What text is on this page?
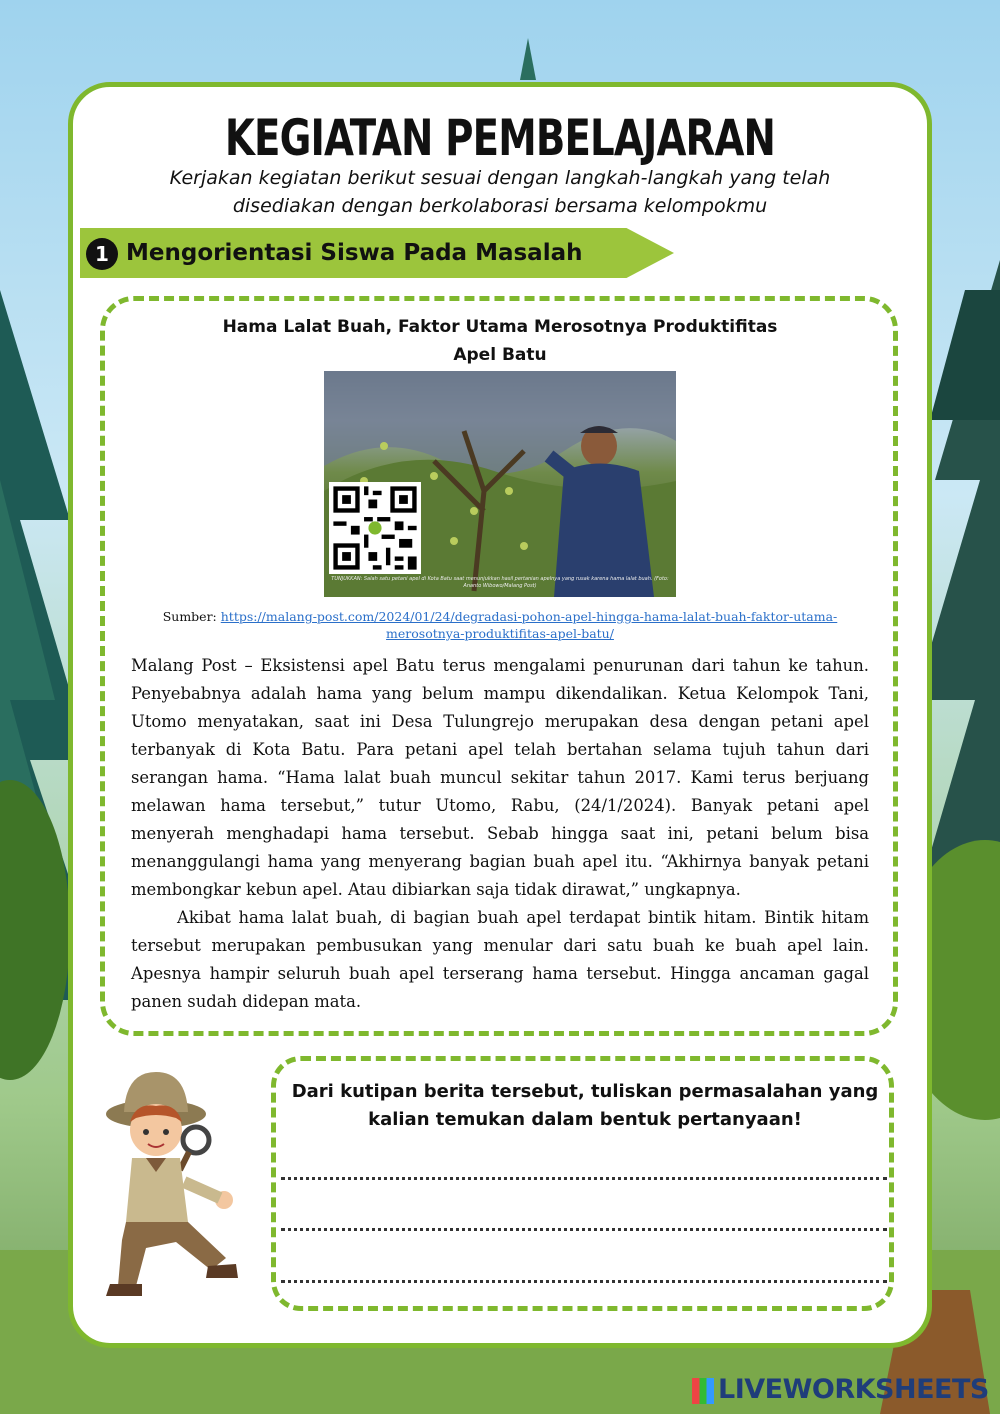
KEGIATAN PEMBELAJARAN
Kerjakan kegiatan berikut sesuai dengan langkah-langkah yang telah disediakan dengan berkolaborasi bersama kelompokmu
1 Mengorientasi Siswa Pada Masalah
Hama Lalat Buah, Faktor Utama Merosotnya Produktifitas Apel Batu
TUNJUKKAN: Salah satu petani apel di Kota Batu saat menunjukkan hasil pertanian apelnya yang rusak karena hama lalat buah. (Foto: Ananto Wibowo/Malang Post)
Sumber: https://malang-post.com/2024/01/24/degradasi-pohon-apel-hingga-hama-lalat-buah-faktor-utama-merosotnya-produktifitas-apel-batu/

Malang Post – Eksistensi apel Batu terus mengalami penurunan dari tahun ke tahun. Penyebabnya adalah hama yang belum mampu dikendalikan. Ketua Kelompok Tani, Utomo menyatakan, saat ini Desa Tulungrejo merupakan desa dengan petani apel terbanyak di Kota Batu. Para petani apel telah bertahan selama tujuh tahun dari serangan hama. “Hama lalat buah muncul sekitar tahun 2017. Kami terus berjuang melawan hama tersebut,” tutur Utomo, Rabu, (24/1/2024). Banyak petani apel menyerah menghadapi hama tersebut. Sebab hingga saat ini, petani belum bisa menanggulangi hama yang menyerang bagian buah apel itu. “Akhirnya banyak petani membongkar kebun apel. Atau dibiarkan saja tidak dirawat,” ungkapnya.

Akibat hama lalat buah, di bagian buah apel terdapat bintik hitam. Bintik hitam tersebut merupakan pembusukan yang menular dari satu buah ke buah apel lain. Apesnya hampir seluruh buah apel terserang hama tersebut. Hingga ancaman gagal panen sudah didepan mata.

Dari kutipan berita tersebut, tuliskan permasalahan yang kalian temukan dalam bentuk pertanyaan!
LIVEWORKSHEETS
